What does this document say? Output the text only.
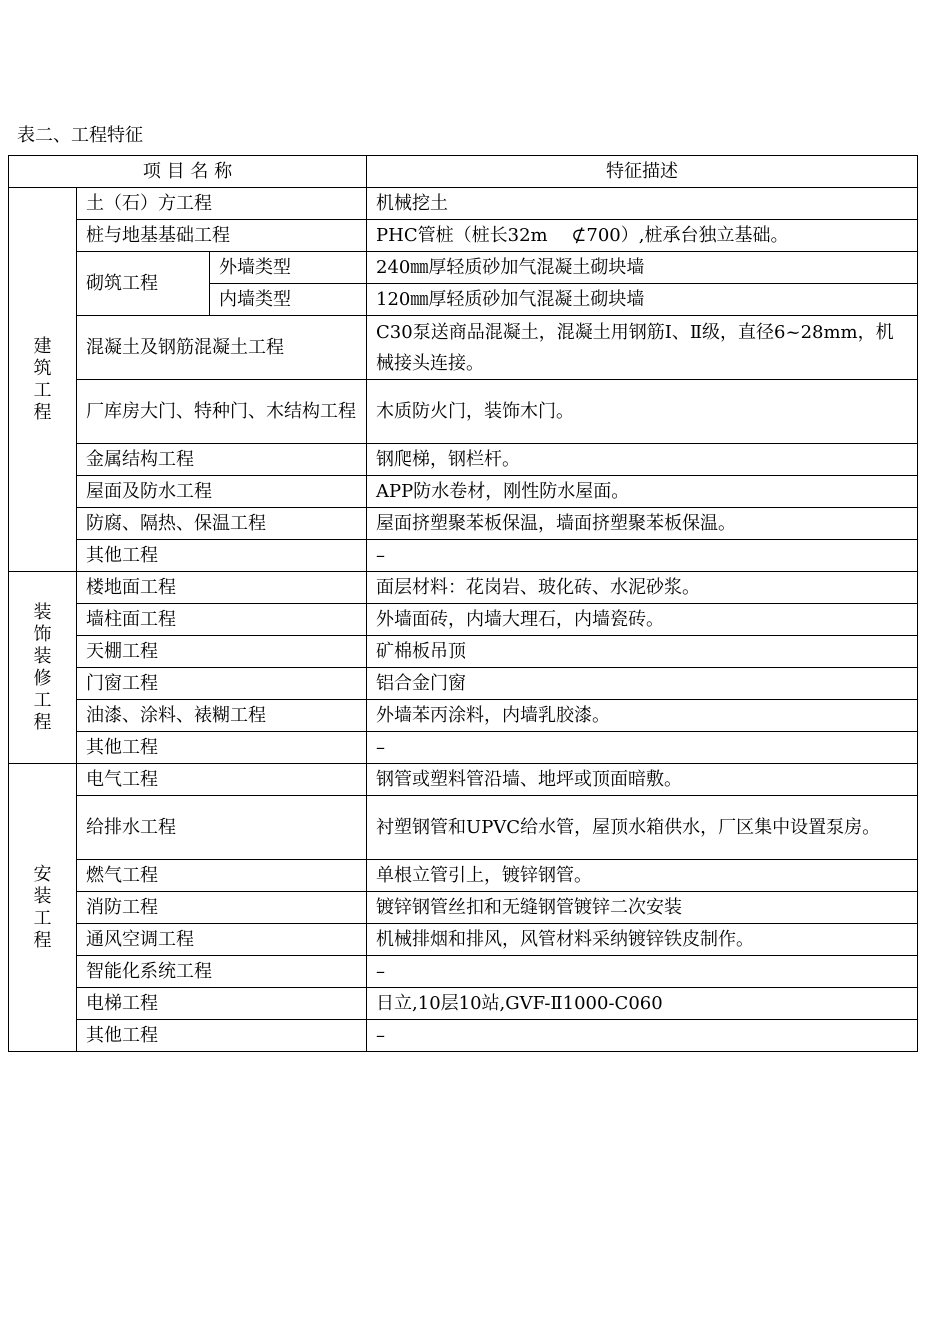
表二、工程特征
项 目 名 称			特征描述

建筑工程	土（石）方工程		机械挖土
	桩与地基基础工程		PHC管桩（桩长32m　 ⊄700）,桩承台独立基础。
	砌筑工程	外墙类型	240㎜厚轻质砂加气混凝土砌块墙
		内墙类型	120㎜厚轻质砂加气混凝土砌块墙
	混凝土及钢筋混凝土工程		C30泵送商品混凝土，混凝土用钢筋Ⅰ、Ⅱ级，直径6~28mm，机械接头连接。
	厂库房大门、特种门、木结构工程		木质防火门，装饰木门。
	金属结构工程		钢爬梯，钢栏杆。
	屋面及防水工程		APP防水卷材，刚性防水屋面。
	防腐、隔热、保温工程		屋面挤塑聚苯板保温，墙面挤塑聚苯板保温。
	其他工程		–

装饰装修工程	楼地面工程		面层材料：花岗岩、玻化砖、水泥砂浆。
	墙柱面工程		外墙面砖，内墙大理石，内墙瓷砖。
	天棚工程		矿棉板吊顶
	门窗工程		铝合金门窗
	油漆、涂料、裱糊工程		外墙苯丙涂料，内墙乳胶漆。
	其他工程		–

安装工程	电气工程		钢管或塑料管沿墙、地坪或顶面暗敷。
	给排水工程		衬塑钢管和UPVC给水管，屋顶水箱供水，厂区集中设置泵房。
	燃气工程		单根立管引上，镀锌钢管。
	消防工程		镀锌钢管丝扣和无缝钢管镀锌二次安装
	通风空调工程		机械排烟和排风，风管材料采纳镀锌铁皮制作。
	智能化系统工程		–
	电梯工程		日立,10层10站,GVF-Ⅱ1000-C060
	其他工程		–
